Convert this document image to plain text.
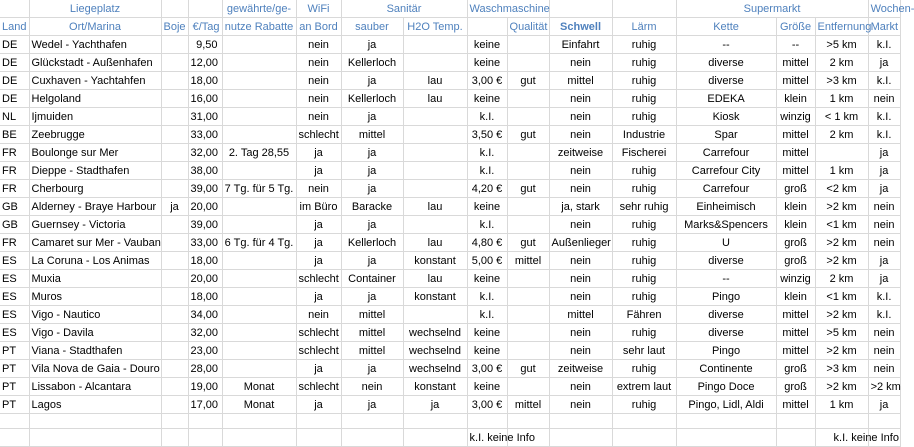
	Liegeplatz			gewährte/ge-	WiFi	Sanitär		Waschmaschine				Supermarkt			Wochen-
Land	Ort/Marina	Boje	€/Tag	nutze Rabatte	an Bord	sauber	H2O Temp.		Qualität	Schwell	Lärm	Kette	Größe	Entfernung	Markt
DE	Wedel - Yachthafen		9,50		nein	ja		keine		Einfahrt	ruhig	--	--	>5 km	k.I.
DE	Glückstadt - Außenhafen		12,00		nein	Kellerloch		keine		nein	ruhig	diverse	mittel	2 km	ja
DE	Cuxhaven - Yachtahfen		18,00		nein	ja	lau	3,00 €	gut	mittel	ruhig	diverse	mittel	>3 km	k.I.
DE	Helgoland		16,00		nein	Kellerloch	lau	keine		nein	ruhig	EDEKA	klein	1 km	nein
NL	Ijmuiden		31,00		nein	ja		k.I.		nein	ruhig	Kiosk	winzig	< 1 km	k.I.
BE	Zeebrugge		33,00		schlecht	mittel		3,50 €	gut	nein	Industrie	Spar	mittel	2 km	k.I.
FR	Boulonge sur Mer		32,00	2. Tag 28,55	ja	ja		k.I.		zeitweise	Fischerei	Carrefour	mittel		ja
FR	Dieppe - Stadthafen		38,00		ja	ja		k.I.		nein	ruhig	Carrefour City	mittel	1 km	ja
FR	Cherbourg		39,00	7 Tg. für 5 Tg.	nein	ja		4,20 €	gut	nein	ruhig	Carrefour	groß	<2 km	ja
GB	Alderney - Braye Harbour	ja	20,00		im Büro	Baracke	lau	keine		ja, stark	sehr ruhig	Einheimisch	klein	>2 km	nein
GB	Guernsey - Victoria		39,00		ja	ja		k.I.		nein	ruhig	Marks&Spencers	klein	<1 km	nein
FR	Camaret sur Mer - Vauban		33,00	6 Tg. für 4 Tg.	ja	Kellerloch	lau	4,80 €	gut	Außenlieger	ruhig	U	groß	>2 km	nein
ES	La Coruna - Los Animas		18,00		ja	ja	konstant	5,00 €	mittel	nein	ruhig	diverse	groß	>2 km	ja
ES	Muxia		20,00		schlecht	Container	lau	keine		nein	ruhig	--	winzig	2 km	ja
ES	Muros		18,00		ja	ja	konstant	k.I.		nein	ruhig	Pingo	klein	<1 km	k.I.
ES	Vigo - Nautico		34,00		nein	mittel		k.I.		mittel	Fähren	diverse	mittel	>2 km	k.I.
ES	Vigo - Davila		32,00		schlecht	mittel	wechselnd	keine		nein	ruhig	diverse	mittel	>5 km	nein
PT	Viana - Stadthafen		23,00		schlecht	mittel	wechselnd	keine		nein	sehr laut	Pingo	mittel	>2 km	nein
PT	Vila Nova de Gaia - Douro		28,00		ja	ja	wechselnd	3,00 €	gut	zeitweise	ruhig	Continente	groß	>3 km	nein
PT	Lissabon - Alcantara		19,00	Monat	schlecht	nein	konstant	keine		nein	extrem laut	Pingo Doce	groß	>2 km	>2 km
PT	Lagos		17,00	Monat	ja	ja	ja	3,00 €	mittel	nein	ruhig	Pingo, Lidl, Aldi	mittel	1 km	ja

								k.I. keine Info						k.I. keine Info	
